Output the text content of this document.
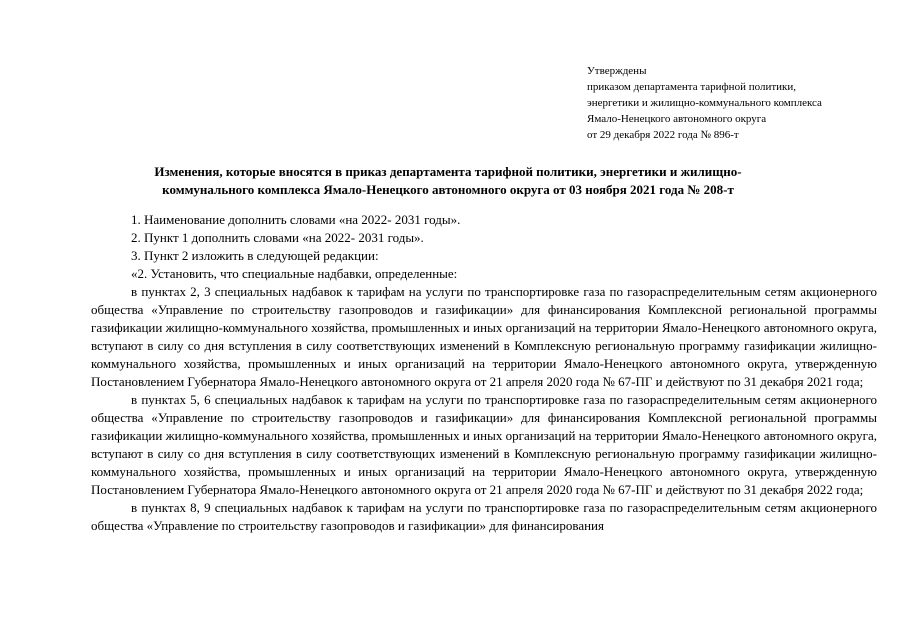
Утверждены
приказом департамента тарифной политики,
энергетики и жилищно-коммунального комплекса
Ямало-Ненецкого автономного округа
от 29 декабря 2022 года № 896-т
Изменения, которые вносятся в приказ департамента тарифной политики, энергетики и жилищно-
коммунального комплекса Ямало-Ненецкого автономного округа от 03 ноября 2021 года № 208-т

1. Наименование дополнить словами «на 2022- 2031 годы».

2. Пункт 1 дополнить словами «на 2022- 2031 годы».

3. Пункт 2 изложить в следующей редакции:

«2. Установить, что специальные надбавки, определенные:

в пунктах 2, 3 специальных надбавок к тарифам на услуги по транспортировке газа по газораспределительным сетям акционерного общества «Управление по строительству газопроводов и газификации» для финансирования Комплексной региональной программы газификации жилищно-коммунального хозяйства, промышленных и иных организаций на территории Ямало-Ненецкого автономного округа, вступают в силу со дня вступления в силу соответствующих изменений в Комплексную региональную программу газификации жилищно-коммунального хозяйства, промышленных и иных организаций на территории Ямало-Ненецкого автономного округа, утвержденную Постановлением Губернатора Ямало-Ненецкого автономного округа от 21 апреля 2020 года № 67-ПГ и действуют по 31 декабря 2021 года;

в пунктах 5, 6 специальных надбавок к тарифам на услуги по транспортировке газа по газораспределительным сетям акционерного общества «Управление по строительству газопроводов и газификации» для финансирования Комплексной региональной программы газификации жилищно-коммунального хозяйства, промышленных и иных организаций на территории Ямало-Ненецкого автономного округа, вступают в силу со дня вступления в силу соответствующих изменений в Комплексную региональную программу газификации жилищно-коммунального хозяйства, промышленных и иных организаций на территории Ямало-Ненецкого автономного округа, утвержденную Постановлением Губернатора Ямало-Ненецкого автономного округа от 21 апреля 2020 года № 67-ПГ и действуют по 31 декабря 2022 года;

в пунктах 8, 9 специальных надбавок к тарифам на услуги по транспортировке газа по газораспределительным сетям акционерного общества «Управление по строительству газопроводов и газификации» для финансирования
